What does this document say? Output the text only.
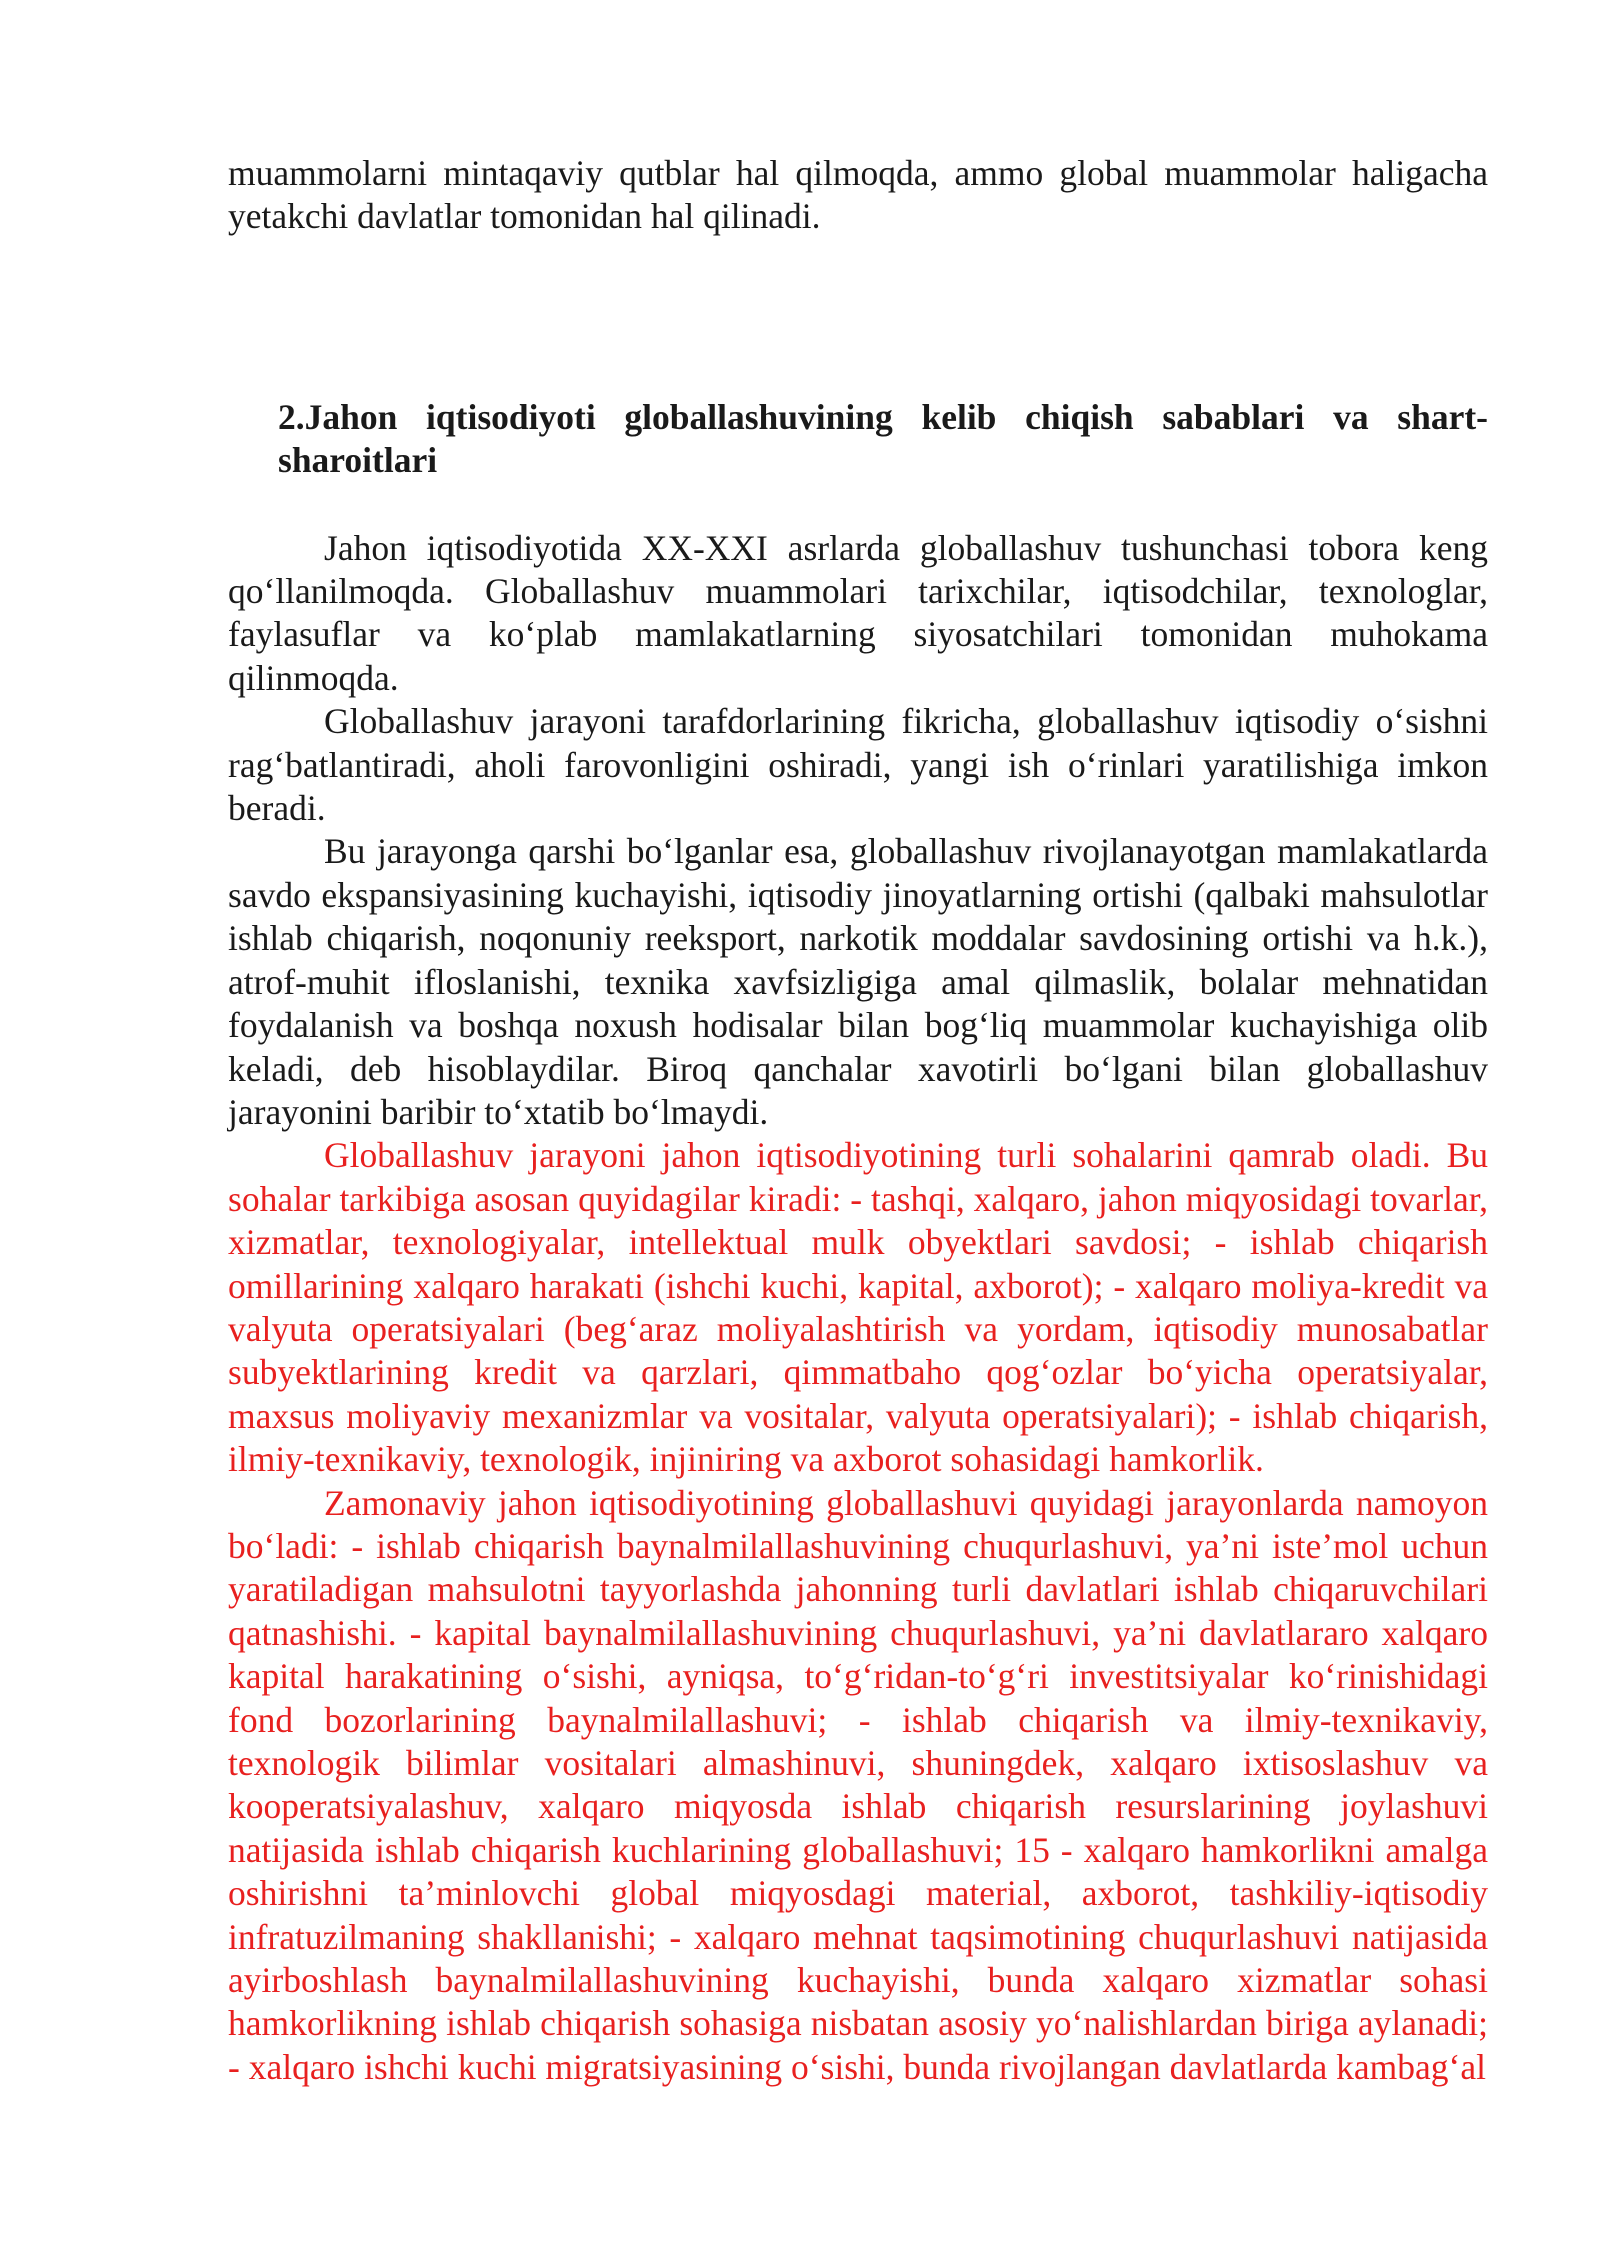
muammolarni mintaqaviy qutblar hal qilmoqda, ammo global muammolar haligacha yetakchi davlatlar tomonidan hal qilinadi.

2.Jahon iqtisodiyoti globallashuvining kelib chiqish sabablari va shart-sharoitlari

Jahon iqtisodiyotida XX-XXI asrlarda globallashuv tushunchasi tobora keng qo‘llanilmoqda. Globallashuv muammolari tarixchilar, iqtisodchilar, texnologlar, faylasuflar va ko‘plab mamlakatlarning siyosatchilari tomonidan muhokama qilinmoqda.

Globallashuv jarayoni tarafdorlarining fikricha, globallashuv iqtisodiy o‘sishni rag‘batlantiradi, aholi farovonligini oshiradi, yangi ish o‘rinlari yaratilishiga imkon beradi.

Bu jarayonga qarshi bo‘lganlar esa, globallashuv rivojlanayotgan mamlakatlarda savdo ekspansiyasining kuchayishi, iqtisodiy jinoyatlarning ortishi (qalbaki mahsulotlar ishlab chiqarish, noqonuniy reeksport, narkotik moddalar savdosining ortishi va h.k.), atrof-muhit ifloslanishi, texnika xavfsizligiga amal qilmaslik, bolalar mehnatidan foydalanish va boshqa noxush hodisalar bilan bog‘liq muammolar kuchayishiga olib keladi, deb hisoblaydilar. Biroq qanchalar xavotirli bo‘lgani bilan globallashuv jarayonini baribir to‘xtatib bo‘lmaydi.

Globallashuv jarayoni jahon iqtisodiyotining turli sohalarini qamrab oladi. Bu sohalar tarkibiga asosan quyidagilar kiradi: - tashqi, xalqaro, jahon miqyosidagi tovarlar, xizmatlar, texnologiyalar, intellektual mulk obyektlari savdosi; - ishlab chiqarish omillarining xalqaro harakati (ishchi kuchi, kapital, axborot); - xalqaro moliya-kredit va valyuta operatsiyalari (beg‘araz moliyalashtirish va yordam, iqtisodiy munosabatlar subyektlarining kredit va qarzlari, qimmatbaho qog‘ozlar bo‘yicha operatsiyalar, maxsus moliyaviy mexanizmlar va vositalar, valyuta operatsiyalari); - ishlab chiqarish, ilmiy-texnikaviy, texnologik, injiniring va axborot sohasidagi hamkorlik.

Zamonaviy jahon iqtisodiyotining globallashuvi quyidagi jarayonlarda namoyon bo‘ladi: - ishlab chiqarish baynalmilallashuvining chuqurlashuvi, ya’ni iste’mol uchun yaratiladigan mahsulotni tayyorlashda jahonning turli davlatlari ishlab chiqaruvchilari qatnashishi. - kapital baynalmilallashuvining chuqurlashuvi, ya’ni davlatlararo xalqaro kapital harakatining o‘sishi, ayniqsa, to‘g‘ridan-to‘g‘ri investitsiyalar ko‘rinishidagi fond bozorlarining baynalmilallashuvi; - ishlab chiqarish va ilmiy-texnikaviy, texnologik bilimlar vositalari almashinuvi, shuningdek, xalqaro ixtisoslashuv va kooperatsiyalashuv, xalqaro miqyosda ishlab chiqarish resurslarining joylashuvi natijasida ishlab chiqarish kuchlarining globallashuvi; 15 - xalqaro hamkorlikni amalga oshirishni ta’minlovchi global miqyosdagi material, axborot, tashkiliy-iqtisodiy infratuzilmaning shakllanishi; - xalqaro mehnat taqsimotining chuqurlashuvi natijasida ayirboshlash baynalmilallashuvining kuchayishi, bunda xalqaro xizmatlar sohasi hamkorlikning ishlab chiqarish sohasiga nisbatan asosiy yo‘nalishlardan biriga aylanadi; - xalqaro ishchi kuchi migratsiyasining o‘sishi, bunda rivojlangan davlatlarda kambag‘al
